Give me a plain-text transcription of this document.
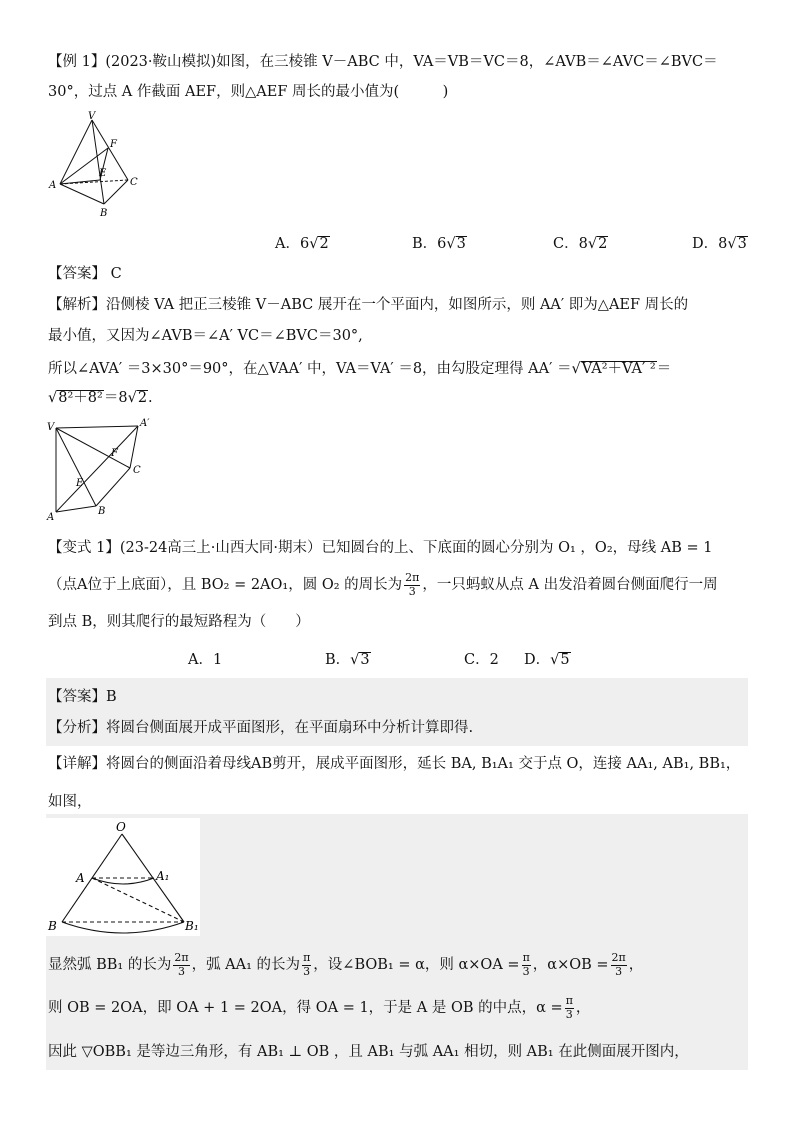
【例 1】(2023·鞍山模拟)如图，在三棱锥 V－ABC 中，VA＝VB＝VC＝8，∠AVB＝∠AVC＝∠BVC＝
30°，过点 A 作截面 AEF，则△AEF 周长的最小值为(　　　)
V
F
E
A	C
B
A．6√2	B．6√3	C．8√2	D．8√3
【答案】 C
【解析】沿侧棱 VA 把正三棱锥 V－ABC 展开在一个平面内，如图所示，则 AA′ 即为△AEF 周长的
最小值，又因为∠AVB＝∠A′ VC＝∠BVC＝30°,
所以∠AVA′ ＝3×30°＝90°，在△VAA′ 中，VA＝VA′ ＝8，由勾股定理得 AA′ ＝√VA²＋VA′ ²＝
√8²＋8²＝8√2.
V	A′
F
C
E
B
A
【变式 1】(23-24高三上·山西大同·期末）已知圆台的上、下底面的圆心分别为 O₁ ，O₂，母线 AB = 1
（点A位于上底面），且 BO₂ = 2AO₁，圆 O₂ 的周长为 $\frac{2\pi}{3}$ ，一只蚂蚁从点 A 出发沿着圆台侧面爬行一周
到点 B，则其爬行的最短路程为（　　）
A．1	B．√3	C．2 D．√5
【答案】B
【分析】将圆台侧面展开成平面图形，在平面扇环中分析计算即得.
【详解】将圆台的侧面沿着母线AB剪开，展成平面图形，延长 BA, B₁A₁ 交于点 O，连接 AA₁, AB₁, BB₁，
如图，
O
A	A₁
B	B₁
显然弧 BB₁ 的长为 $\frac{2\pi}{3}$ ，弧 AA₁ 的长为 $\frac{\pi}{3}$ ，设∠BOB₁ = α，则 $\alpha\times OA = \frac{\pi}{3}$ ，$\alpha\times OB = \frac{2\pi}{3}$ ，
则 OB = 2OA，即 OA + 1 = 2OA，得 OA = 1，于是 A 是 OB 的中点，$\alpha = \frac{\pi}{3}$ ，
因此 ▽OBB₁ 是等边三角形，有 AB₁ ⊥ OB ，且 AB₁ 与弧 AA₁ 相切，则 AB₁ 在此侧面展开图内，
